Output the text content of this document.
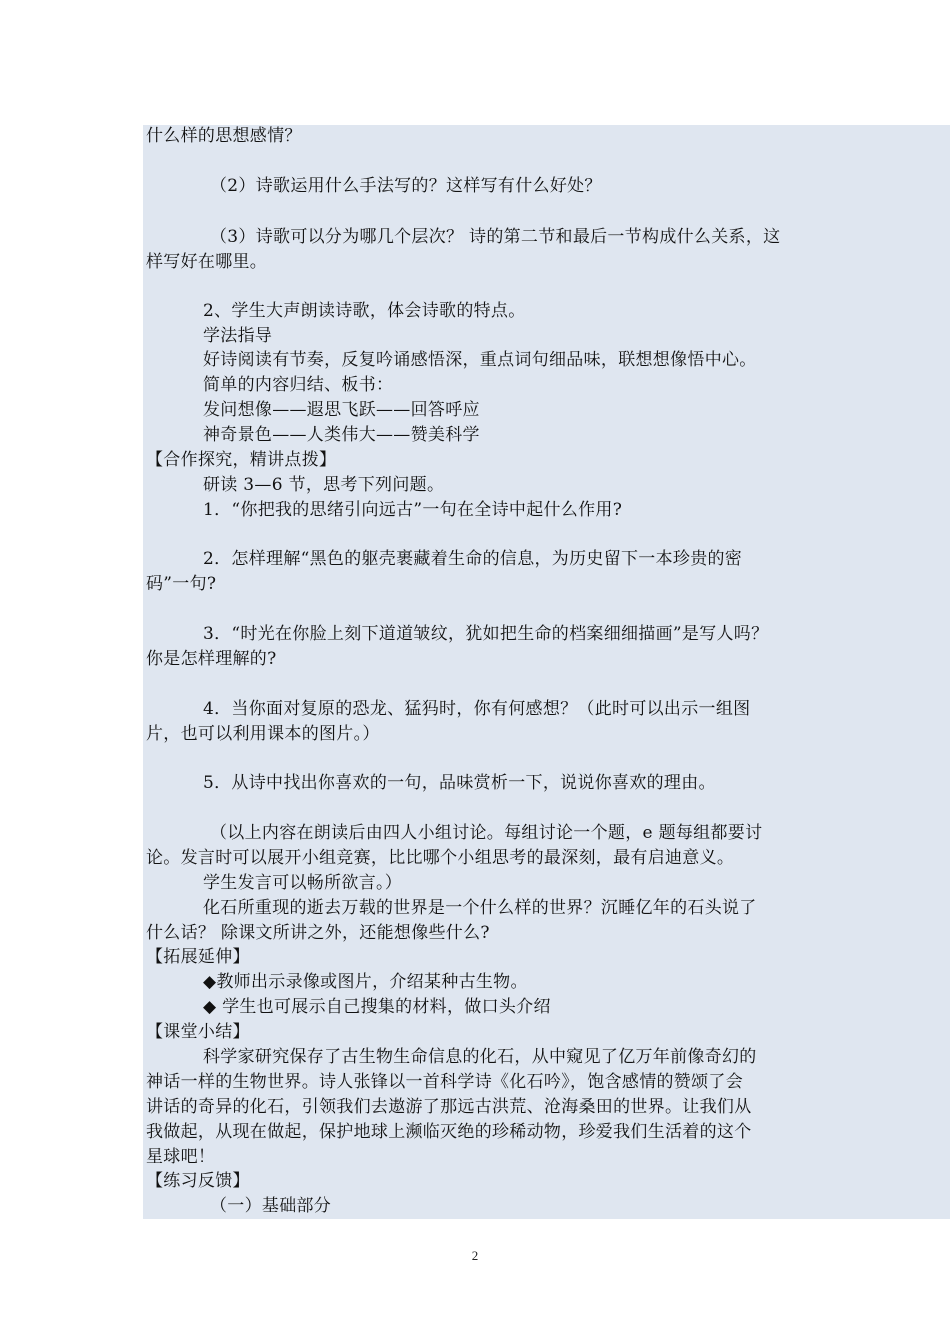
什么样的思想感情？
（2）诗歌运用什么手法写的？这样写有什么好处？
（3）诗歌可以分为哪几个层次？ 诗的第二节和最后一节构成什么关系，这
样写好在哪里。
2、学生大声朗读诗歌，体会诗歌的特点。
学法指导
好诗阅读有节奏，反复吟诵感悟深，重点词句细品味，联想想像悟中心。
简单的内容归结、板书：
发问想像——遐思飞跃——回答呼应
神奇景色——人类伟大——赞美科学
【合作探究，精讲点拨】
研读 3—6 节，思考下列问题。
1．“你把我的思绪引向远古”一句在全诗中起什么作用?
2．怎样理解“黑色的躯壳裹藏着生命的信息，为历史留下一本珍贵的密
码”一句?
3．“时光在你脸上刻下道道皱纹，犹如把生命的档案细细描画”是写人吗？
你是怎样理解的?
4．当你面对复原的恐龙、猛犸时，你有何感想？（此时可以出示一组图
片，也可以利用课本的图片。）
5．从诗中找出你喜欢的一句，品味赏析一下，说说你喜欢的理由。
（以上内容在朗读后由四人小组讨论。每组讨论一个题，e 题每组都要讨
论。发言时可以展开小组竞赛，比比哪个小组思考的最深刻，最有启迪意义。
学生发言可以畅所欲言。）
化石所重现的逝去万载的世界是一个什么样的世界？沉睡亿年的石头说了
什么话？ 除课文所讲之外，还能想像些什么?
【拓展延伸】
◆教师出示录像或图片，介绍某种古生物。
◆ 学生也可展示自己搜集的材料，做口头介绍
【课堂小结】
科学家研究保存了古生物生命信息的化石，从中窥见了亿万年前像奇幻的
神话一样的生物世界。诗人张锋以一首科学诗《化石吟》，饱含感情的赞颂了会
讲话的奇异的化石，引领我们去遨游了那远古洪荒、沧海桑田的世界。让我们从
我做起，从现在做起，保护地球上濒临灭绝的珍稀动物，珍爱我们生活着的这个
星球吧！
【练习反馈】
（一）基础部分
2
